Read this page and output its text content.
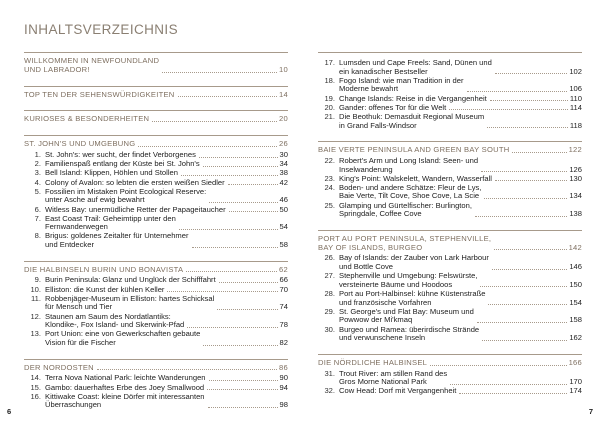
INHALTSVERZEICHNIS
WILLKOMMEN IN NEWFOUNDLAND
UND LABRADOR!	10
TOP TEN DER SEHENSWÜRDIGKEITEN	14
KURIOSES & BESONDERHEITEN	20
ST. JOHN'S UND UMGEBUNG	26
1. St. John's: wer sucht, der findet Verborgenes	30
2. Familienspaß entlang der Küste bei St. John's	34
3. Bell Island: Klippen, Höhlen und Stollen	38
4. Colony of Avalon: so lebten die ersten weißen Siedler	42
5. Fossilien im Mistaken Point Ecological Reserve:
unter Asche auf ewig bewahrt	46
6. Witless Bay: unermüdliche Retter der Papageitaucher	50
7. East Coast Trail: Geheimtipp unter den
Fernwanderwegen	54
8. Brigus: goldenes Zeitalter für Unternehmer
und Entdecker	58
DIE HALBINSELN BURIN UND BONAVISTA	62
9. Burin Peninsula: Glanz und Unglück der Schifffahrt	66
10. Elliston: die Kunst der kühlen Keller	70
11. Robbenjäger-Museum in Elliston: hartes Schicksal
für Mensch und Tier	74
12. Staunen am Saum des Nordatlantiks:
Klondike-, Fox Island- und Skerwink-Pfad	78
13. Port Union: eine von Gewerkschaften gebaute
Vision für die Fischer	82
DER NORDOSTEN	86
14. Terra Nova National Park: leichte Wanderungen	90
15. Gambo: dauerhaftes Erbe des Joey Smallwood	94
16. Kittiwake Coast: kleine Dörfer mit interessanten
Überraschungen	98
17. Lumsden und Cape Freels: Sand, Dünen und
ein kanadischer Bestseller	102
18. Fogo Island: wie man Tradition in der
Moderne bewahrt	106
19. Change Islands: Reise in die Vergangenheit	110
20. Gander: offenes Tor für die Welt	114
21. Die Beothuk: Demasduit Regional Museum
in Grand Falls-Windsor	118
BAIE VERTE PENINSULA AND GREEN BAY SOUTH	122
22. Robert's Arm und Long Island: Seen- und
Inselwanderung	126
23. King's Point: Walskelett, Wandern, Wasserfall	130
24. Boden- und andere Schätze: Fleur de Lys,
Baie Verte, Tilt Cove, Shoe Cove, La Scie	134
25. Glamping und Gürtelfischer: Burlington,
Springdale, Coffee Cove	138
PORT AU PORT PENINSULA, STEPHENVILLE,
BAY OF ISLANDS, BURGEO	142
26. Bay of Islands: der Zauber von Lark Harbour
und Bottle Cove	146
27. Stephenville und Umgebung: Felswürste,
versteinerte Bäume und Hoodoos	150
28. Port au Port-Halbinsel: kühne Küstenstraße
und französische Vorfahren	154
29. St. George's und Flat Bay: Museum und
Powwow der Mi'kmaq	158
30. Burgeo und Ramea: überirdische Strände
und verwunschene Inseln	162
DIE NÖRDLICHE HALBINSEL	166
31. Trout River: am stillen Rand des
Gros Morne National Park	170
32. Cow Head: Dorf mit Vergangenheit	174
6	7
